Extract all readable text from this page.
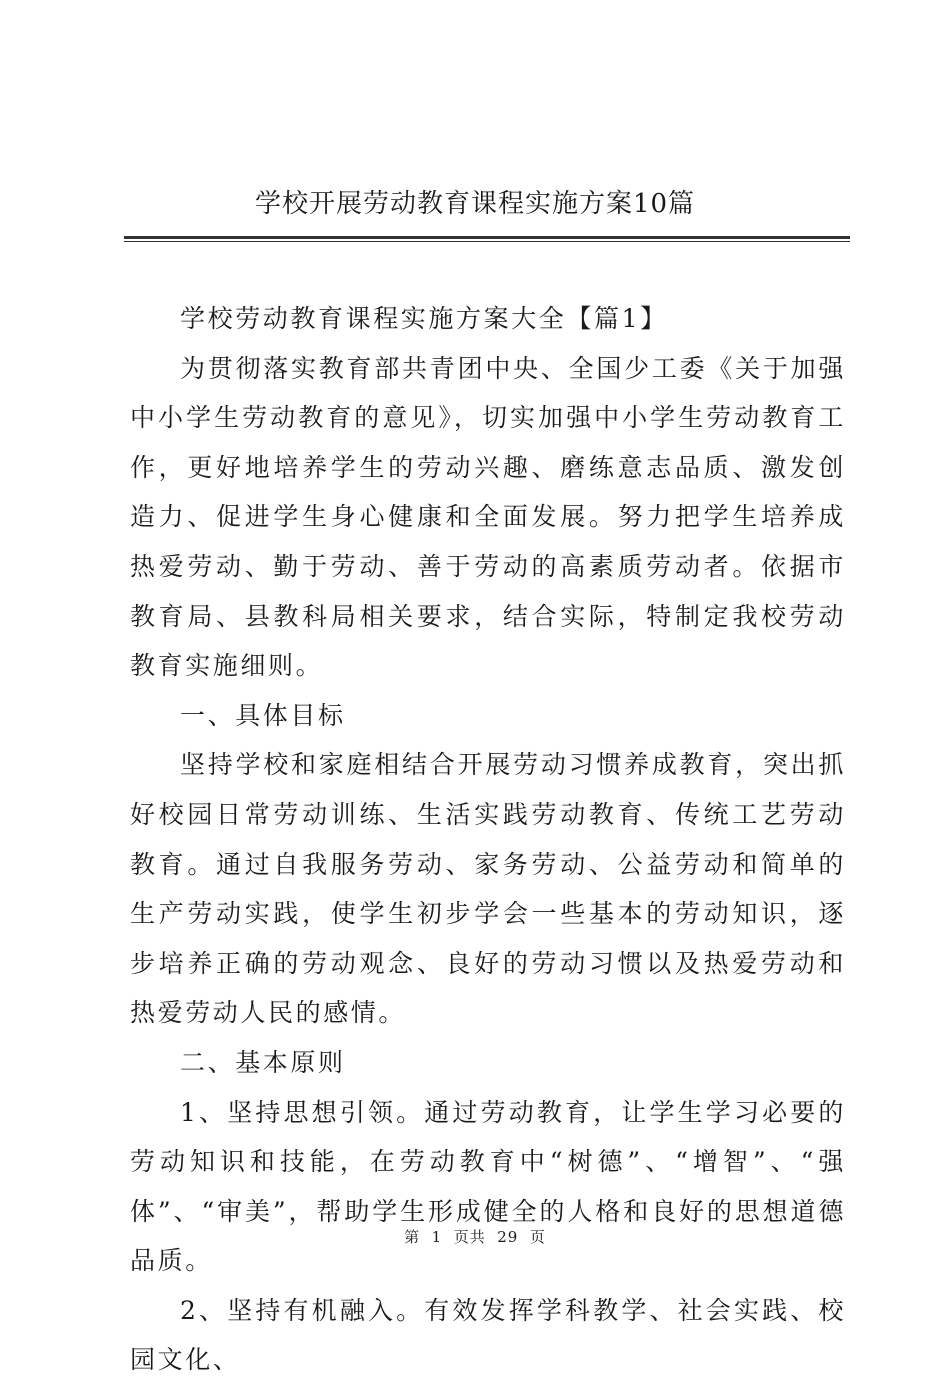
学校开展劳动教育课程实施方案10篇

学校劳动教育课程实施方案大全【篇1】

为贯彻落实教育部共青团中央、全国少工委《关于加强中小学生劳动教育的意见》，切实加强中小学生劳动教育工作，更好地培养学生的劳动兴趣、磨练意志品质、激发创造力、促进学生身心健康和全面发展。努力把学生培养成热爱劳动、勤于劳动、善于劳动的高素质劳动者。依据市教育局、县教科局相关要求，结合实际，特制定我校劳动教育实施细则。

一、具体目标

坚持学校和家庭相结合开展劳动习惯养成教育，突出抓好校园日常劳动训练、生活实践劳动教育、传统工艺劳动教育。通过自我服务劳动、家务劳动、公益劳动和简单的生产劳动实践，使学生初步学会一些基本的劳动知识，逐步培养正确的劳动观念、良好的劳动习惯以及热爱劳动和热爱劳动人民的感情。

二、基本原则

1、坚持思想引领。通过劳动教育，让学生学习必要的劳动知识和技能，在劳动教育中“树德”、“增智”、“强体”、“审美”，帮助学生形成健全的人格和良好的思想道德品质。

2、坚持有机融入。有效发挥学科教学、社会实践、校园文化、

第  1  页共  29  页
